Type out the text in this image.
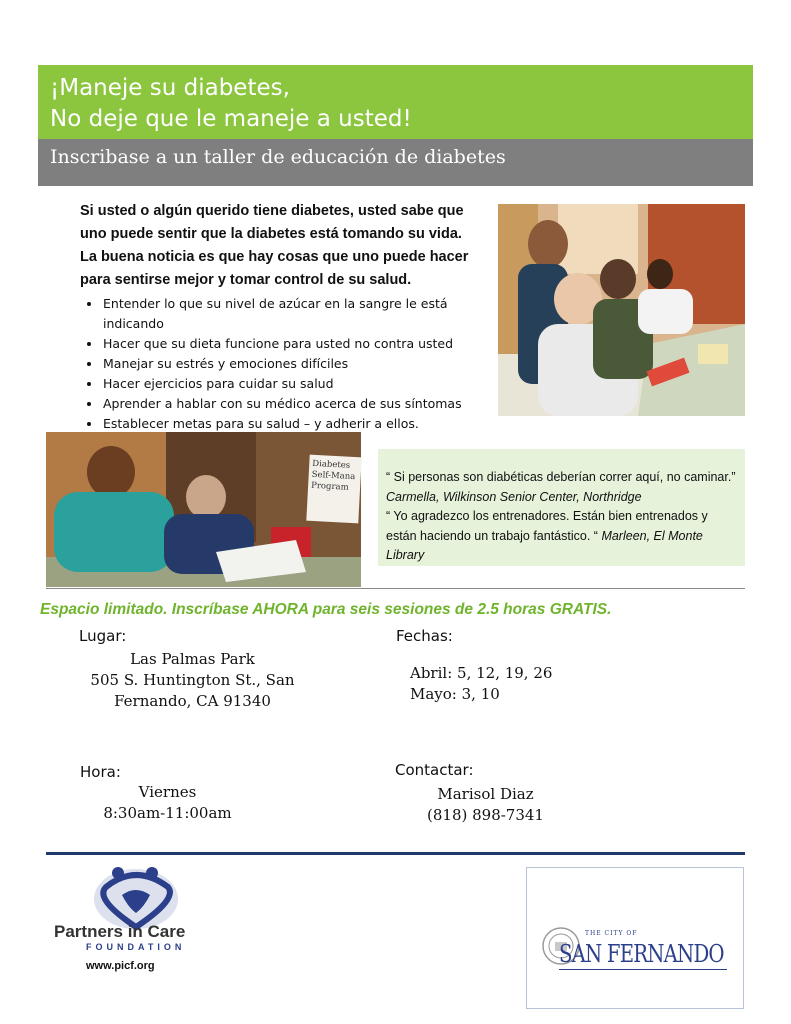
¡Maneje su diabetes,
No deje que le maneje a usted!
Inscribase a un taller de educación de diabetes
Si usted o algún querido tiene diabetes, usted sabe que
uno puede sentir que la diabetes está tomando su vida.
La buena noticia es que hay cosas que uno puede hacer
para sentirse mejor y tomar control de su salud.
• Entender lo que su nivel de azúcar en la sangre le está indicando
• Hacer que su dieta funcione para usted no contra usted
• Manejar su estrés y emociones difíciles
• Hacer ejercicios para cuidar su salud
• Aprender a hablar con su médico acerca de sus síntomas
• Establecer metas para su salud – y adherir a ellos.
Diabetes
Self-Mana
Program
“ Si personas son diabéticas deberían correr aquí, no caminar.” Carmella, Wilkinson Senior Center, Northridge
“ Yo agradezco los entrenadores. Están bien entrenados y están haciendo un trabajo fantástico. “ Marleen, El Monte Library
Espacio limitado. Inscríbase AHORA para seis sesiones de 2.5 horas GRATIS.
Lugar:
Las Palmas Park
505 S. Huntington St., San
Fernando, CA 91340
Fechas:
Abril: 5, 12, 19, 26
Mayo: 3, 10
Hora:
Viernes
8:30am-11:00am
Contactar:
Marisol Diaz
(818) 898-7341
Partners in Care
FOUNDATION
www.picf.org
THE CITY OF
SAN FERNANDO
